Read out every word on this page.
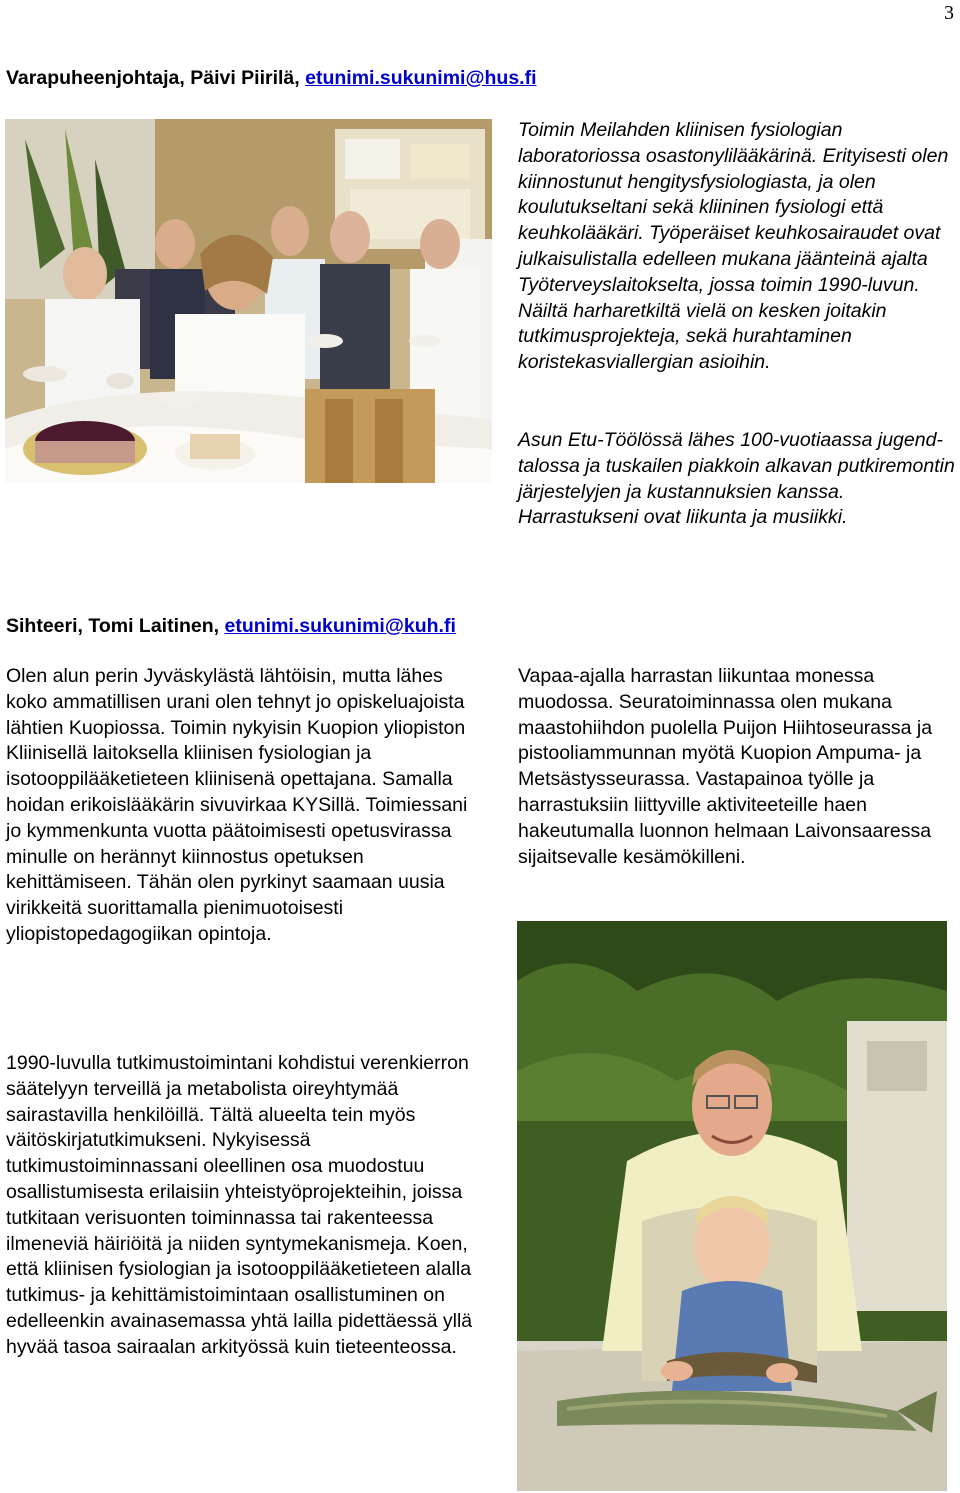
3
Varapuheenjohtaja, Päivi Piirilä, etunimi.sukunimi@hus.fi

Toimin Meilahden kliinisen fysiologian laboratoriossa osastonylilääkärinä. Erityisesti olen kiinnostunut hengitysfysiologiasta, ja olen koulutukseltani sekä kliininen fysiologi että keuhkolääkäri. Työperäiset keuhkosairaudet ovat julkaisulistalla edelleen mukana jäänteinä ajalta Työterveyslaitokselta, jossa toimin 1990-luvun. Näiltä harharetkiltä vielä on kesken joitakin tutkimusprojekteja, sekä hurahtaminen koristekasviallergian asioihin.

Asun Etu-Töölössä lähes 100-vuotiaassa jugend-talossa ja tuskailen piakkoin alkavan putkiremontin järjestelyjen ja kustannuksien kanssa. Harrastukseni ovat liikunta ja musiikki.

Sihteeri, Tomi Laitinen, etunimi.sukunimi@kuh.fi

Olen alun perin Jyväskylästä lähtöisin, mutta lähes koko ammatillisen urani olen tehnyt jo opiskeluajoista lähtien Kuopiossa. Toimin nykyisin Kuopion yliopiston Kliinisellä laitoksella kliinisen fysiologian ja isotooppilääketieteen kliinisenä opettajana. Samalla hoidan erikoislääkärin sivuvirkaa KYSillä. Toimiessani jo kymmenkunta vuotta päätoimisesti opetusvirassa minulle on herännyt kiinnostus opetuksen kehittämiseen. Tähän olen pyrkinyt saamaan uusia virikkeitä suorittamalla pienimuotoisesti yliopistopedagogiikan opintoja.

1990-luvulla tutkimustoimintani kohdistui verenkierron säätelyyn terveillä ja metabolista oireyhtymää sairastavilla henkilöillä. Tältä alueelta tein myös väitöskirjatutkimukseni. Nykyisessä tutkimustoiminnassani oleellinen osa muodostuu osallistumisesta erilaisiin yhteistyöprojekteihin, joissa tutkitaan verisuonten toiminnassa tai rakenteessa ilmeneviä häiriöitä ja niiden syntymekanismeja. Koen, että kliinisen fysiologian ja isotooppilääketieteen alalla tutkimus- ja kehittämistoimintaan osallistuminen on edelleenkin avainasemassa yhtä lailla pidettäessä yllä hyvää tasoa sairaalan arkityössä kuin tieteenteossa.

Vapaa-ajalla harrastan liikuntaa monessa muodossa. Seuratoiminnassa olen mukana maastohiihdon puolella Puijon Hiihtoseurassa ja pistooliammunnan myötä Kuopion Ampuma- ja Metsästysseurassa. Vastapainoa työlle ja harrastuksiin liittyville aktiviteeteille haen hakeutumalla luonnon helmaan Laivonsaaressa sijaitsevalle kesämökilleni.
